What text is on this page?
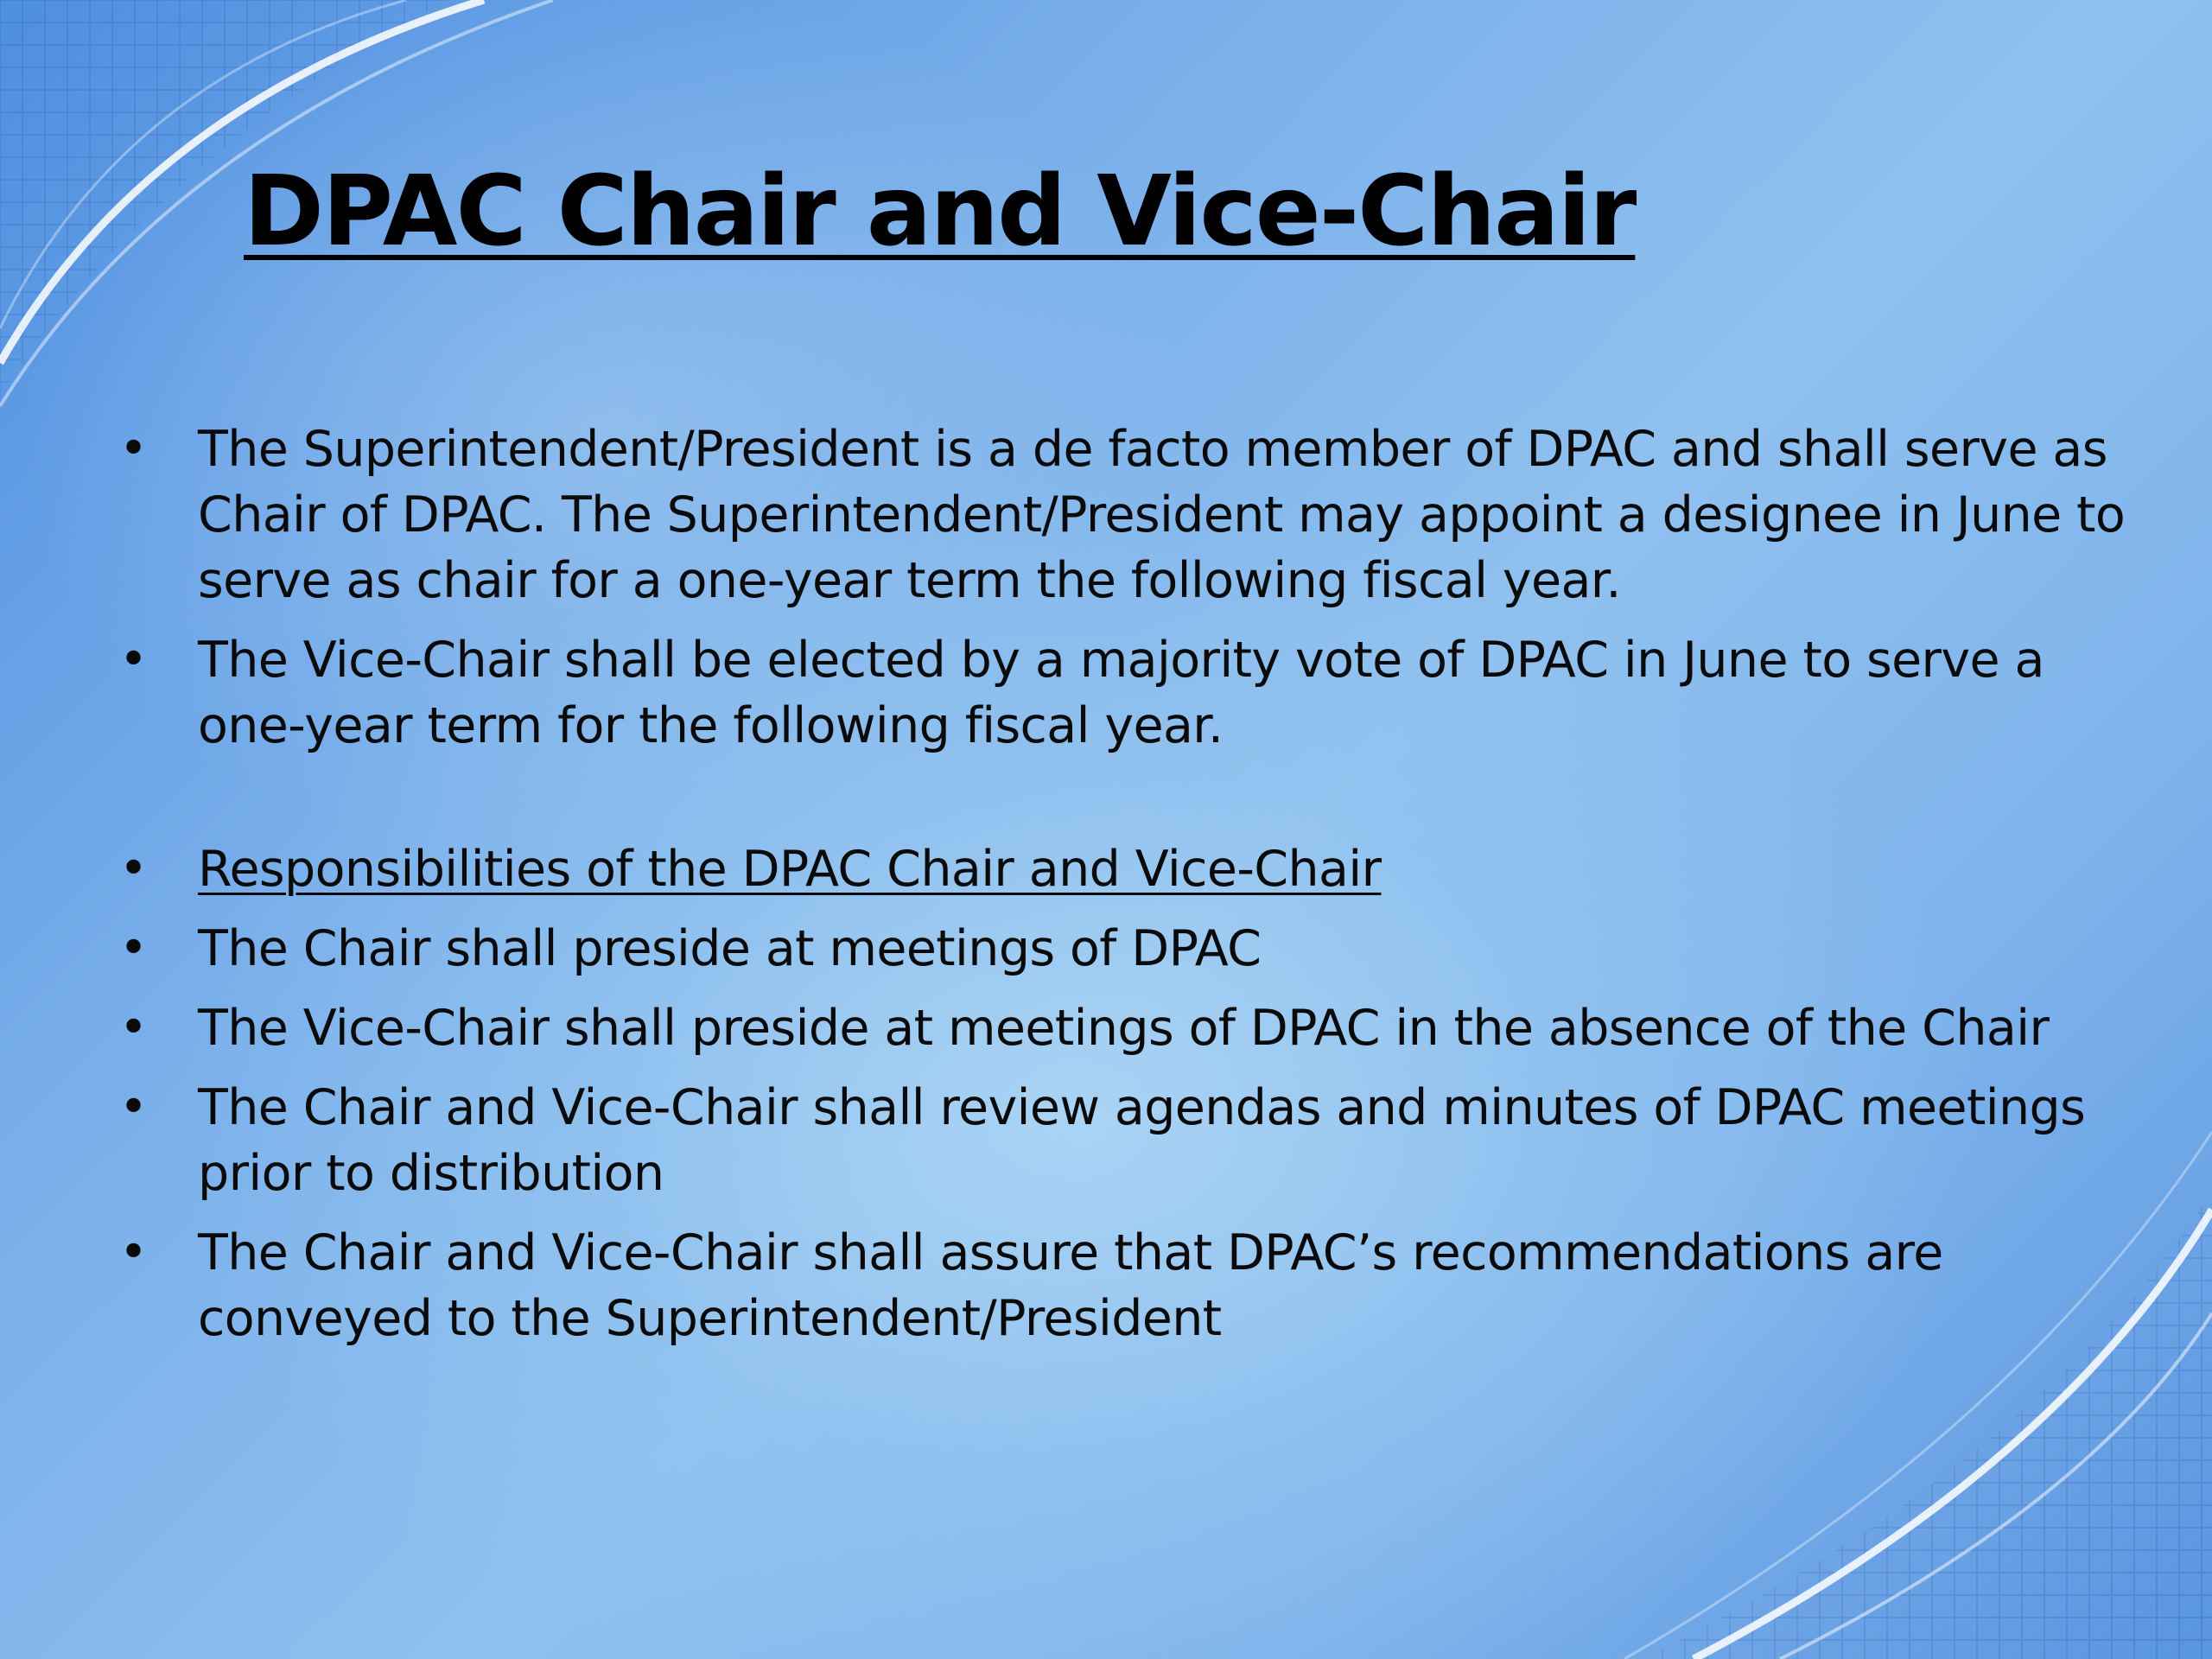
DPAC Chair and Vice-Chair
• The Superintendent/President is a de facto member of DPAC and shall serve as Chair of DPAC. The Superintendent/President may appoint a designee in June to serve as chair for a one-year term the following fiscal year.
• The Vice-Chair shall be elected by a majority vote of DPAC in June to serve a one-year term for the following fiscal year.
• Responsibilities of the DPAC Chair and Vice-Chair
• The Chair shall preside at meetings of DPAC
• The Vice-Chair shall preside at meetings of DPAC in the absence of the Chair
• The Chair and Vice-Chair shall review agendas and minutes of DPAC meetings prior to distribution
• The Chair and Vice-Chair shall assure that DPAC’s recommendations are conveyed to the Superintendent/President
